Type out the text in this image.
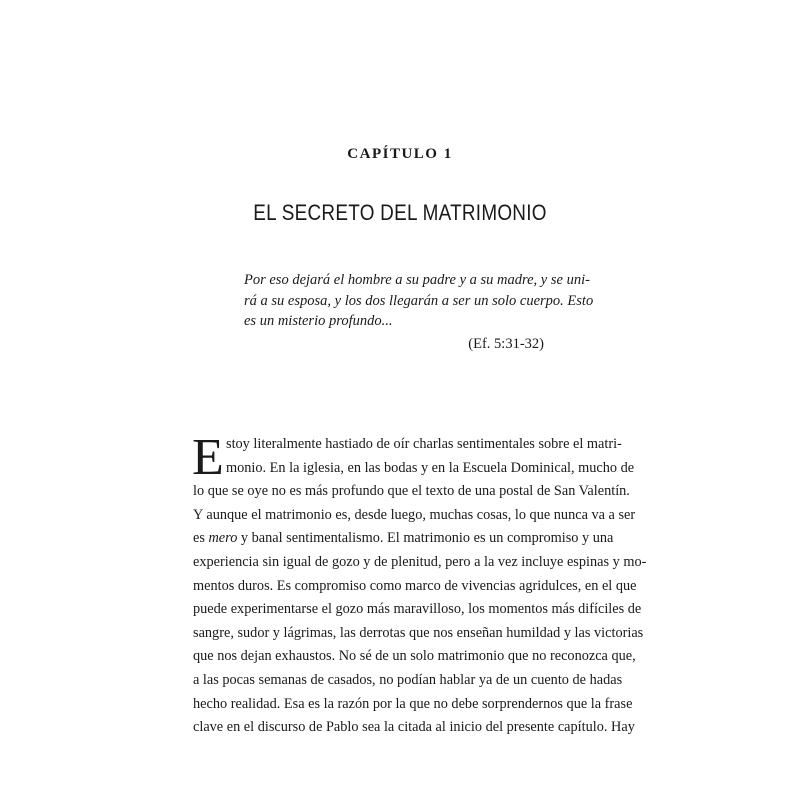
CAPÍTULO 1
EL SECRETO DEL MATRIMONIO
Por eso dejará el hombre a su padre y a su madre, y se uni-
rá a su esposa, y los dos llegarán a ser un solo cuerpo. Esto
es un misterio profundo...
(Ef. 5:31-32)
E stoy literalmente hastiado de oír charlas sentimentales sobre el matri-
monio. En la iglesia, en las bodas y en la Escuela Dominical, mucho de
lo que se oye no es más profundo que el texto de una postal de San Valentín.
Y aunque el matrimonio es, desde luego, muchas cosas, lo que nunca va a ser
es mero y banal sentimentalismo. El matrimonio es un compromiso y una
experiencia sin igual de gozo y de plenitud, pero a la vez incluye espinas y mo-
mentos duros. Es compromiso como marco de vivencias agridulces, en el que
puede experimentarse el gozo más maravilloso, los momentos más difíciles de
sangre, sudor y lágrimas, las derrotas que nos enseñan humildad y las victorias
que nos dejan exhaustos. No sé de un solo matrimonio que no reconozca que,
a las pocas semanas de casados, no podían hablar ya de un cuento de hadas
hecho realidad. Esa es la razón por la que no debe sorprendernos que la frase
clave en el discurso de Pablo sea la citada al inicio del presente capítulo. Hay
